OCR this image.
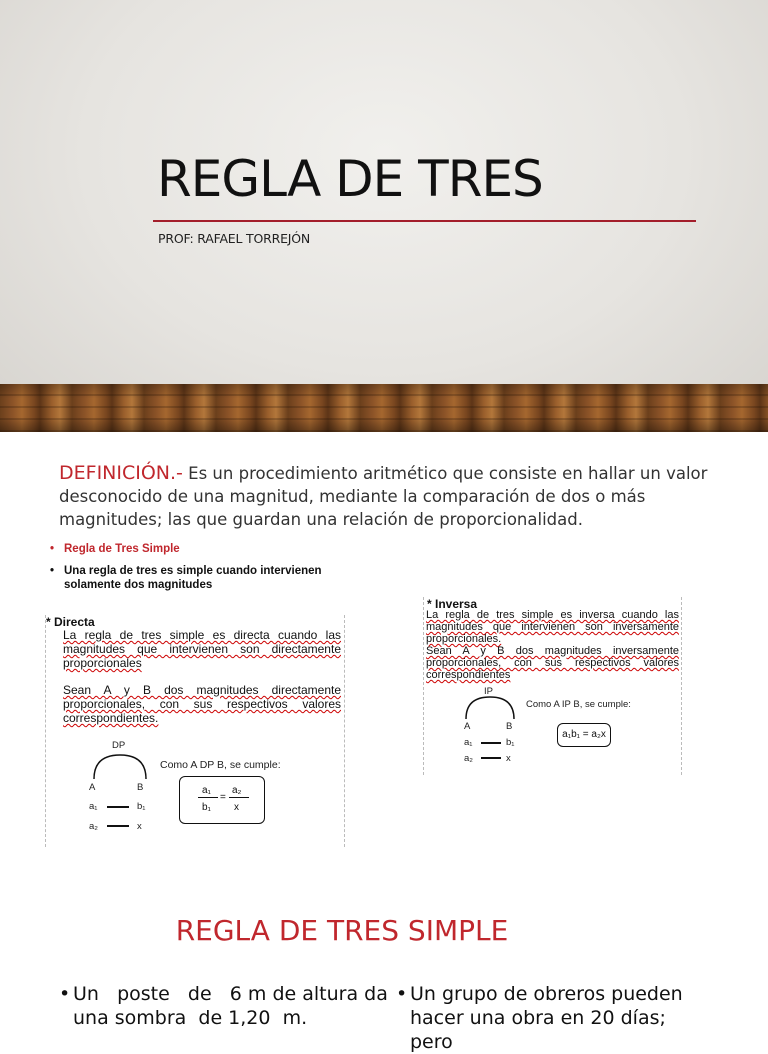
REGLA DE TRES
PROF: RAFAEL TORREJÓN
DEFINICIÓN.- Es un procedimiento aritmético que consiste en hallar un valor desconocido de una magnitud, mediante la comparación de dos o más magnitudes; las que guardan una relación de proporcionalidad.
• Regla de Tres Simple
• Una regla de tres es simple cuando intervienen solamente dos magnitudes
* Directa
La regla de tres simple es directa cuando las magnitudes que intervienen son directamente proporcionales
Sean A y B dos magnitudes directamente proporcionales, con sus respectivos valores correspondientes.
DP
A	B
a₁	b₁
a₂	x
Como A DP B, se cumple:
a₁
b₁
=
a₂
x
* Inversa
La regla de tres simple es inversa cuando las magnitudes que intervienen son inversamente proporcionales.
Sean A y B dos magnitudes inversamente proporcionales, con sus respectivos valores correspondientes
IP
A	B
a₁	b₁
a₂	x
Como A IP B, se cumple:
a₁b₁ = a₂x
REGLA DE TRES SIMPLE
• Un   poste   de   6 m de altura da
una sombra  de 1,20  m.
• Un grupo de obreros pueden
hacer una obra en 20 días; pero
